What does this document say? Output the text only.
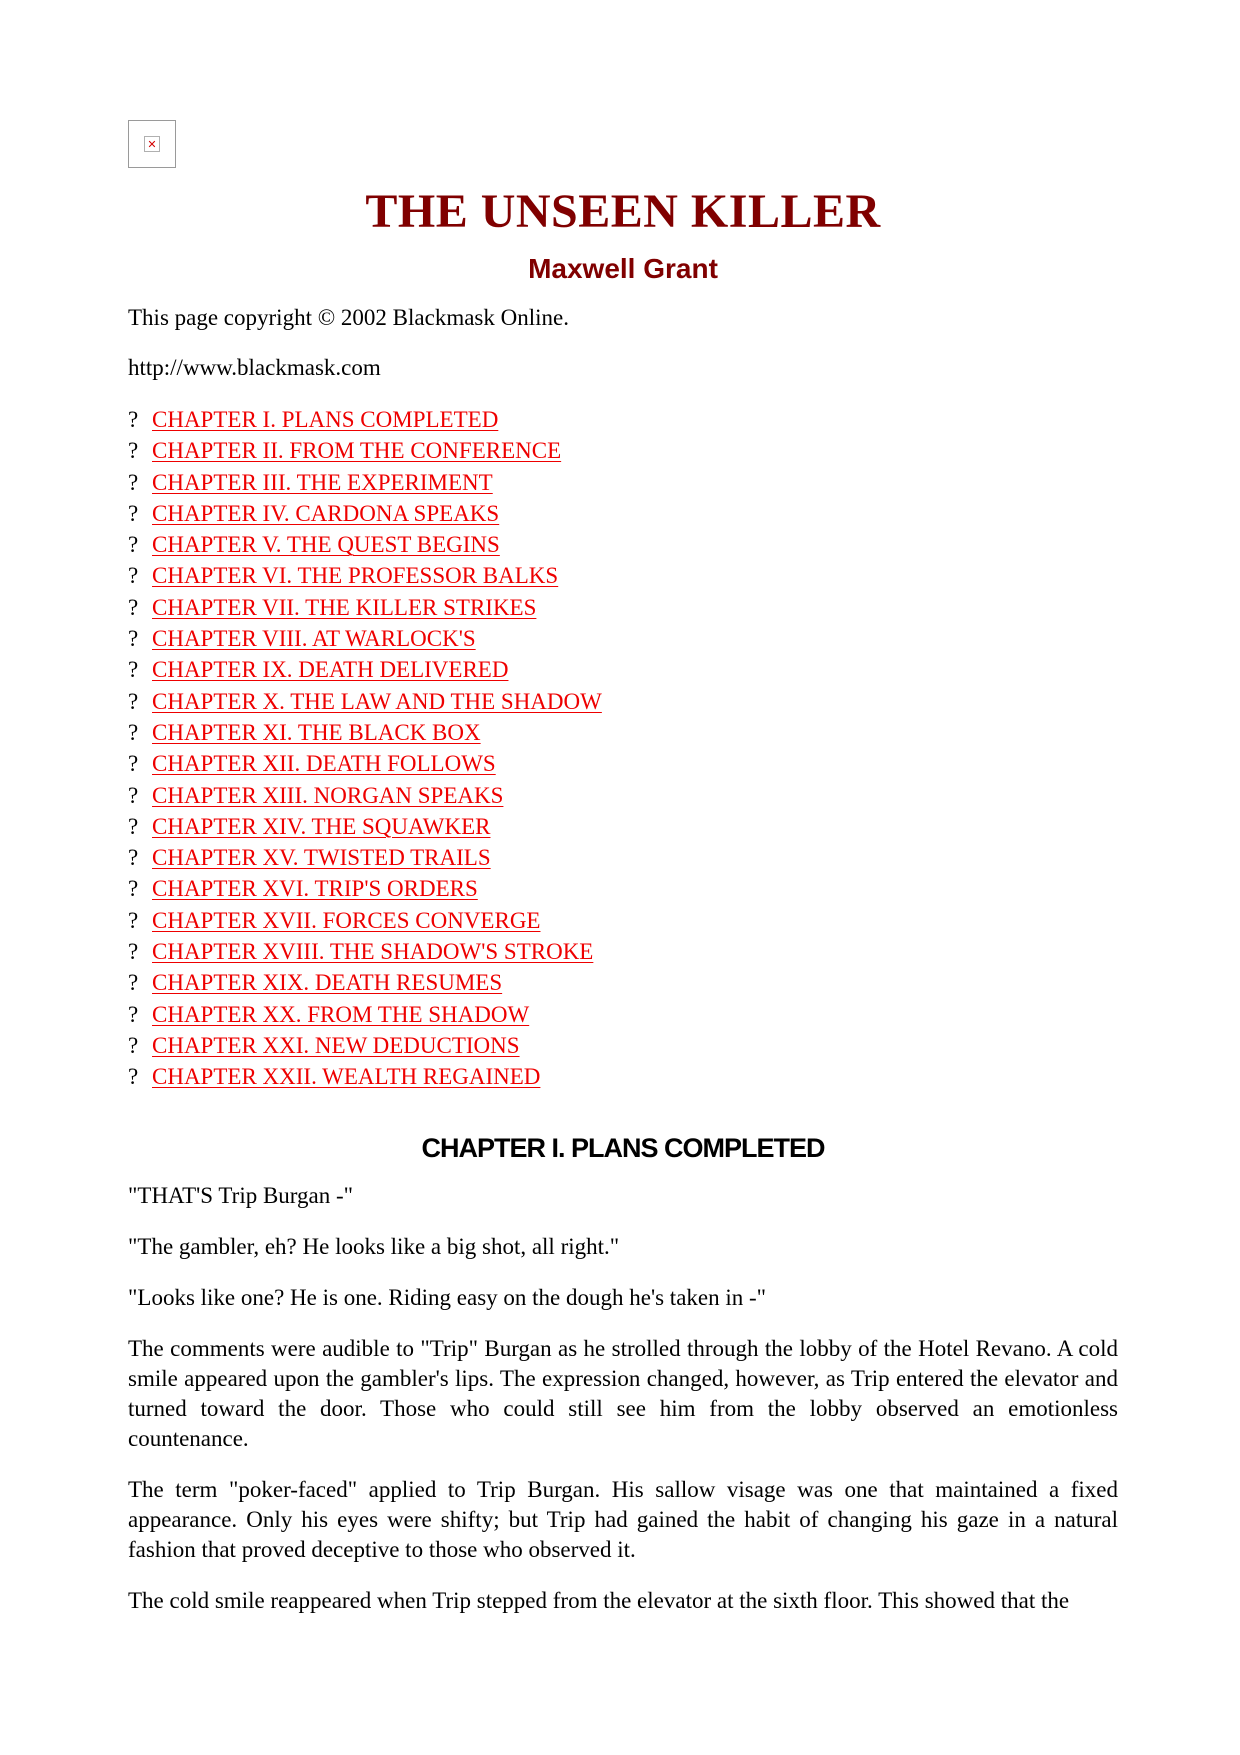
✕
THE UNSEEN KILLER
Maxwell Grant

This page copyright © 2002 Blackmask Online.

http://www.blackmask.com

? CHAPTER I. PLANS COMPLETED
? CHAPTER II. FROM THE CONFERENCE
? CHAPTER III. THE EXPERIMENT
? CHAPTER IV. CARDONA SPEAKS
? CHAPTER V. THE QUEST BEGINS
? CHAPTER VI. THE PROFESSOR BALKS
? CHAPTER VII. THE KILLER STRIKES
? CHAPTER VIII. AT WARLOCK'S
? CHAPTER IX. DEATH DELIVERED
? CHAPTER X. THE LAW AND THE SHADOW
? CHAPTER XI. THE BLACK BOX
? CHAPTER XII. DEATH FOLLOWS
? CHAPTER XIII. NORGAN SPEAKS
? CHAPTER XIV. THE SQUAWKER
? CHAPTER XV. TWISTED TRAILS
? CHAPTER XVI. TRIP'S ORDERS
? CHAPTER XVII. FORCES CONVERGE
? CHAPTER XVIII. THE SHADOW'S STROKE
? CHAPTER XIX. DEATH RESUMES
? CHAPTER XX. FROM THE SHADOW
? CHAPTER XXI. NEW DEDUCTIONS
? CHAPTER XXII. WEALTH REGAINED
CHAPTER I. PLANS COMPLETED

"THAT'S Trip Burgan -"

"The gambler, eh? He looks like a big shot, all right."

"Looks like one? He is one. Riding easy on the dough he's taken in -"

The comments were audible to "Trip" Burgan as he strolled through the lobby of the Hotel Revano. A cold smile appeared upon the gambler's lips. The expression changed, however, as Trip entered the elevator and turned toward the door. Those who could still see him from the lobby observed an emotionless countenance.

The term "poker-faced" applied to Trip Burgan. His sallow visage was one that maintained a fixed appearance. Only his eyes were shifty; but Trip had gained the habit of changing his gaze in a natural fashion that proved deceptive to those who observed it.

The cold smile reappeared when Trip stepped from the elevator at the sixth floor. This showed that the
